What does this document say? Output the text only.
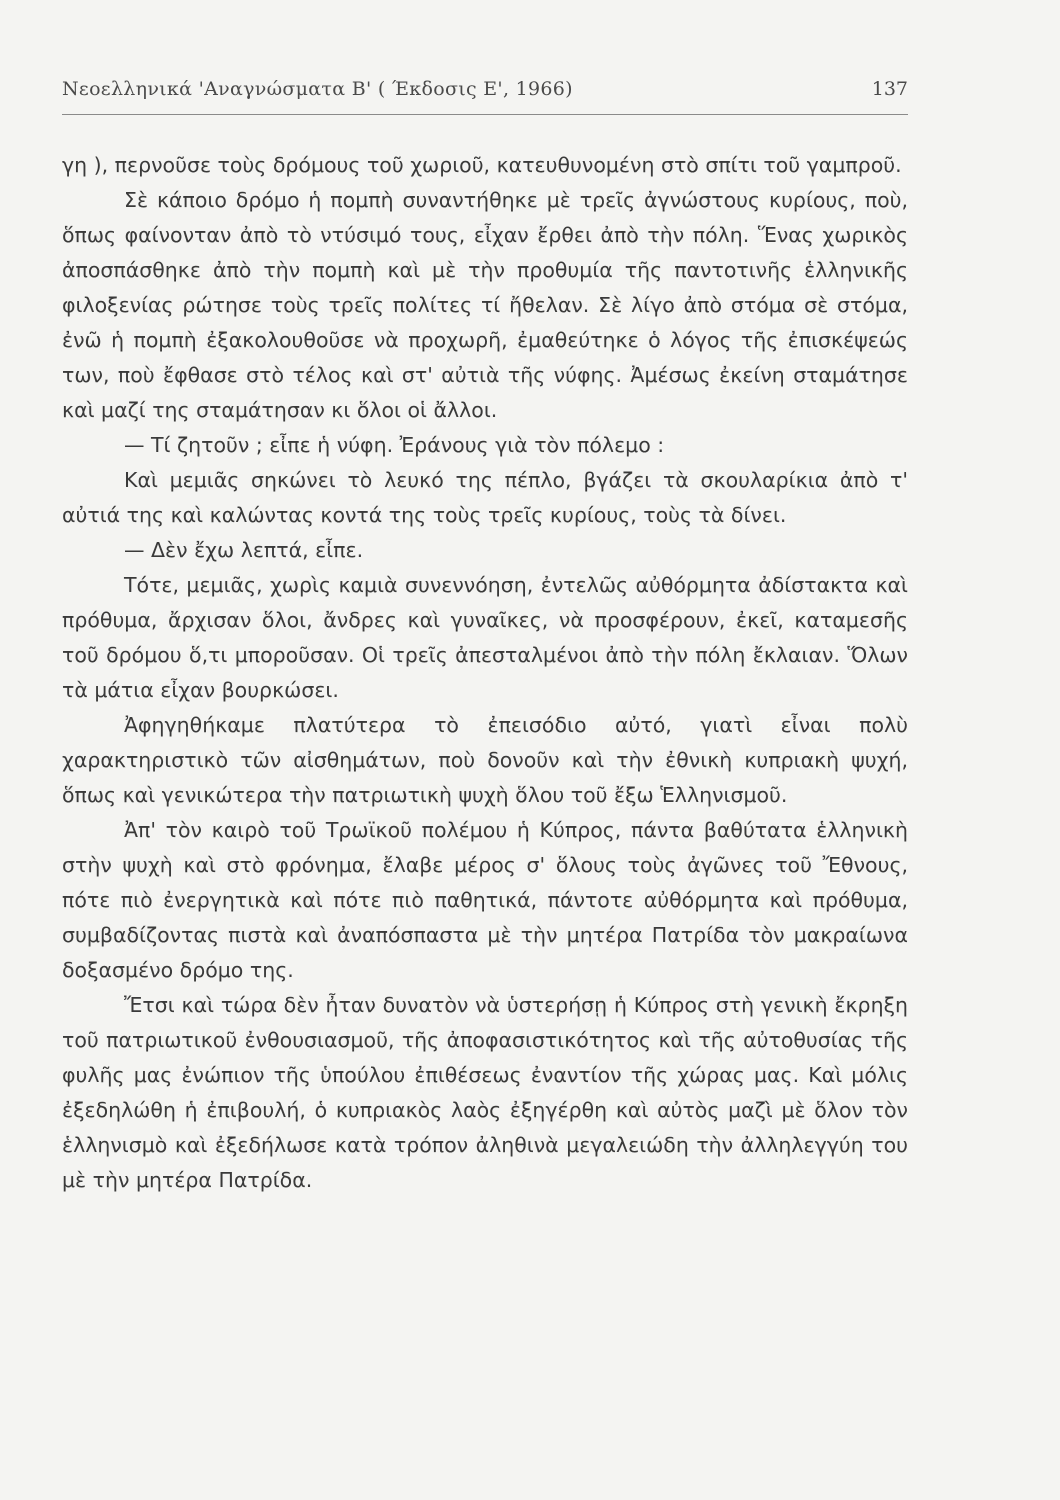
Νεοελληνικά 'Αναγνώσματα Β' ( Έκδοσις Ε', 1966)	137

γη ), περνοῦσε τοὺς δρόμους τοῦ χωριοῦ, κατευθυνομένη στὸ σπίτι τοῦ γαμπροῦ.

Σὲ κάποιο δρόμο ἡ πομπὴ συναντήθηκε μὲ τρεῖς ἀγνώστους κυρίους, ποὺ, ὅπως φαίνονταν ἀπὸ τὸ ντύσιμό τους, εἶχαν ἔρθει ἀπὸ τὴν πόλη. Ἕνας χωρικὸς ἀποσπάσθηκε ἀπὸ τὴν πομπὴ καὶ μὲ τὴν προθυμία τῆς παντοτινῆς ἑλληνικῆς φιλοξενίας ρώτησε τοὺς τρεῖς πολίτες τί ἤθελαν. Σὲ λίγο ἀπὸ στόμα σὲ στόμα, ἐνῶ ἡ πομπὴ ἐξακολουθοῦσε νὰ προχωρῆ, ἐμαθεύτηκε ὁ λόγος τῆς ἐπισκέψεώς των, ποὺ ἔφθασε στὸ τέλος καὶ στ' αὐτιὰ τῆς νύφης. Ἀμέσως ἐκείνη σταμάτησε καὶ μαζί της σταμάτησαν κι ὅλοι οἱ ἄλλοι.

— Τί ζητοῦν ; εἶπε ἡ νύφη. Ἐράνους γιὰ τὸν πόλεμο :

Καὶ μεμιᾶς σηκώνει τὸ λευκό της πέπλο, βγάζει τὰ σκουλαρίκια ἀπὸ τ' αὐτιά της καὶ καλώντας κοντά της τοὺς τρεῖς κυρίους, τοὺς τὰ δίνει.

— Δὲν ἔχω λεπτά, εἶπε.

Τότε, μεμιᾶς, χωρὶς καμιὰ συνεννόηση, ἐντελῶς αὐθόρμητα ἀδίστακτα καὶ πρόθυμα, ἄρχισαν ὅλοι, ἄνδρες καὶ γυναῖκες, νὰ προσφέρουν, ἐκεῖ, καταμεσῆς τοῦ δρόμου ὅ,τι μποροῦσαν. Οἱ τρεῖς ἀπεσταλμένοι ἀπὸ τὴν πόλη ἔκλαιαν. Ὅλων τὰ μάτια εἶχαν βουρκώσει.

Ἀφηγηθήκαμε πλατύτερα τὸ ἐπεισόδιο αὐτό, γιατὶ εἶναι πολὺ χαρακτηριστικὸ τῶν αἰσθημάτων, ποὺ δονοῦν καὶ τὴν ἐθνικὴ κυπριακὴ ψυχή, ὅπως καὶ γενικώτερα τὴν πατριωτικὴ ψυχὴ ὅλου τοῦ ἔξω Ἑλληνισμοῦ.

Ἀπ' τὸν καιρὸ τοῦ Τρωϊκοῦ πολέμου ἡ Κύπρος, πάντα βαθύτατα ἑλληνικὴ στὴν ψυχὴ καὶ στὸ φρόνημα, ἔλαβε μέρος σ' ὅλους τοὺς ἀγῶνες τοῦ Ἔθνους, πότε πιὸ ἐνεργητικὰ καὶ πότε πιὸ παθητικά, πάντοτε αὐθόρμητα καὶ πρόθυμα, συμβαδίζοντας πιστὰ καὶ ἀναπόσπαστα μὲ τὴν μητέρα Πατρίδα τὸν μακραίωνα δοξασμένο δρόμο της.

Ἔτσι καὶ τώρα δὲν ἦταν δυνατὸν νὰ ὑστερήσῃ ἡ Κύπρος στὴ γενικὴ ἔκρηξη τοῦ πατριωτικοῦ ἐνθουσιασμοῦ, τῆς ἀποφασιστικότητος καὶ τῆς αὐτοθυσίας τῆς φυλῆς μας ἐνώπιον τῆς ὑπούλου ἐπιθέσεως ἐναντίον τῆς χώρας μας. Καὶ μόλις ἐξεδηλώθη ἡ ἐπιβουλή, ὁ κυπριακὸς λαὸς ἐξηγέρθη καὶ αὐτὸς μαζὶ μὲ ὅλον τὸν ἑλληνισμὸ καὶ ἐξεδήλωσε κατὰ τρόπον ἀληθινὰ μεγαλειώδη τὴν ἀλληλεγγύη του μὲ τὴν μητέρα Πατρίδα.
